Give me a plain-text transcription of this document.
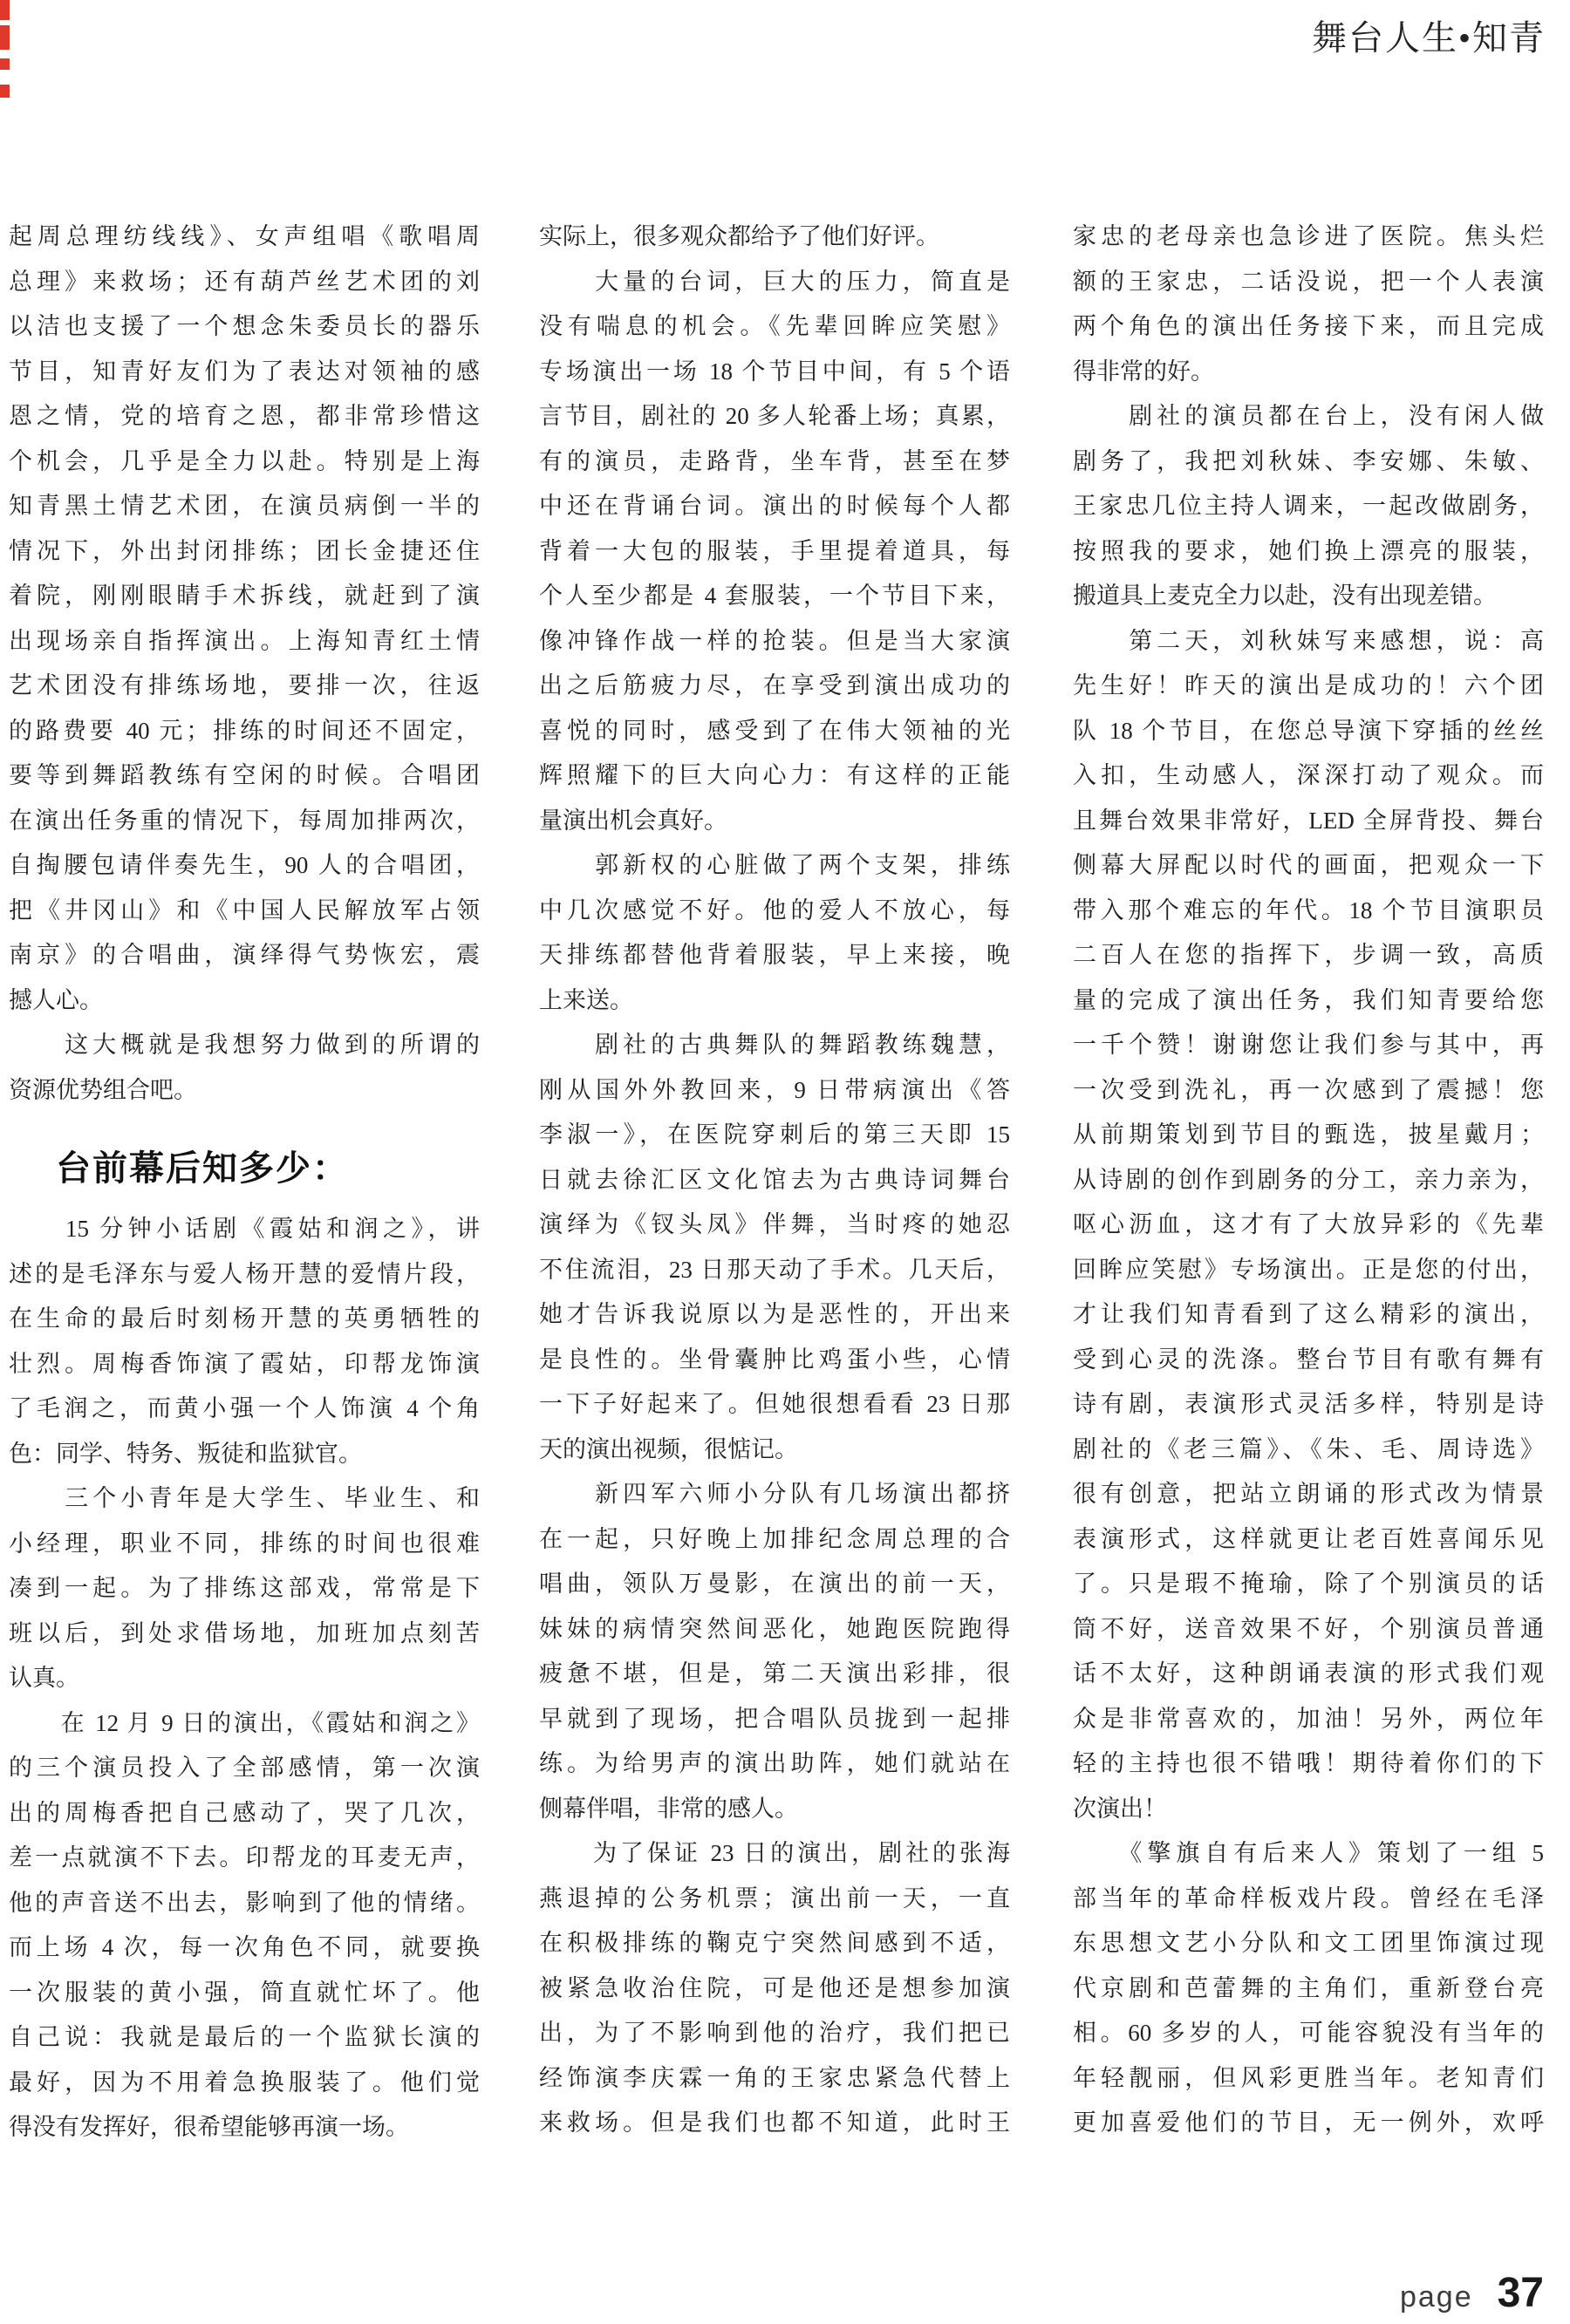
舞台人生•知青
起周总理纺线线》、女声组唱《歌唱周
总理》来救场；还有葫芦丝艺术团的刘
以洁也支援了一个想念朱委员长的器乐
节目，知青好友们为了表达对领袖的感
恩之情，党的培育之恩，都非常珍惜这
个机会，几乎是全力以赴。特别是上海
知青黑土情艺术团，在演员病倒一半的
情况下，外出封闭排练；团长金捷还住
着院，刚刚眼睛手术拆线，就赶到了演
出现场亲自指挥演出。上海知青红土情
艺术团没有排练场地，要排一次，往返
的路费要 40 元；排练的时间还不固定，
要等到舞蹈教练有空闲的时候。合唱团
在演出任务重的情况下，每周加排两次，
自掏腰包请伴奏先生，90 人的合唱团，
把《井冈山》和《中国人民解放军占领
南京》的合唱曲，演绎得气势恢宏，震
撼人心。
　　这大概就是我想努力做到的所谓的
资源优势组合吧。
台前幕后知多少：
　　15 分钟小话剧《霞姑和润之》，讲
述的是毛泽东与爱人杨开慧的爱情片段，
在生命的最后时刻杨开慧的英勇牺牲的
壮烈。周梅香饰演了霞姑，印帮龙饰演
了毛润之，而黄小强一个人饰演 4 个角
色：同学、特务、叛徒和监狱官。
　　三个小青年是大学生、毕业生、和
小经理，职业不同，排练的时间也很难
凑到一起。为了排练这部戏，常常是下
班以后，到处求借场地，加班加点刻苦
认真。
　　在 12 月 9 日的演出，《霞姑和润之》
的三个演员投入了全部感情，第一次演
出的周梅香把自己感动了，哭了几次，
差一点就演不下去。印帮龙的耳麦无声，
他的声音送不出去，影响到了他的情绪。
而上场 4 次，每一次角色不同，就要换
一次服装的黄小强，简直就忙坏了。他
自己说：我就是最后的一个监狱长演的
最好，因为不用着急换服装了。他们觉
得没有发挥好，很希望能够再演一场。
实际上，很多观众都给予了他们好评。
　　大量的台词，巨大的压力，简直是
没有喘息的机会。《先辈回眸应笑慰》
专场演出一场 18 个节目中间，有 5 个语
言节目，剧社的 20 多人轮番上场；真累，
有的演员，走路背，坐车背，甚至在梦
中还在背诵台词。演出的时候每个人都
背着一大包的服装，手里提着道具，每
个人至少都是 4 套服装，一个节目下来，
像冲锋作战一样的抢装。但是当大家演
出之后筋疲力尽，在享受到演出成功的
喜悦的同时，感受到了在伟大领袖的光
辉照耀下的巨大向心力：有这样的正能
量演出机会真好。
　　郭新权的心脏做了两个支架，排练
中几次感觉不好。他的爱人不放心，每
天排练都替他背着服装，早上来接，晚
上来送。
　　剧社的古典舞队的舞蹈教练魏慧，
刚从国外外教回来，9 日带病演出《答
李淑一》，在医院穿刺后的第三天即 15
日就去徐汇区文化馆去为古典诗词舞台
演绎为《钗头凤》伴舞，当时疼的她忍
不住流泪，23 日那天动了手术。几天后，
她才告诉我说原以为是恶性的，开出来
是良性的。坐骨囊肿比鸡蛋小些，心情
一下子好起来了。但她很想看看 23 日那
天的演出视频，很惦记。
　　新四军六师小分队有几场演出都挤
在一起，只好晚上加排纪念周总理的合
唱曲，领队万曼影，在演出的前一天，
妹妹的病情突然间恶化，她跑医院跑得
疲惫不堪，但是，第二天演出彩排，很
早就到了现场，把合唱队员拢到一起排
练。为给男声的演出助阵，她们就站在
侧幕伴唱，非常的感人。
　　为了保证 23 日的演出，剧社的张海
燕退掉的公务机票；演出前一天，一直
在积极排练的鞠克宁突然间感到不适，
被紧急收治住院，可是他还是想参加演
出，为了不影响到他的治疗，我们把已
经饰演李庆霖一角的王家忠紧急代替上
来救场。但是我们也都不知道，此时王
家忠的老母亲也急诊进了医院。焦头烂
额的王家忠，二话没说，把一个人表演
两个角色的演出任务接下来，而且完成
得非常的好。
　　剧社的演员都在台上，没有闲人做
剧务了，我把刘秋妹、李安娜、朱敏、
王家忠几位主持人调来，一起改做剧务，
按照我的要求，她们换上漂亮的服装，
搬道具上麦克全力以赴，没有出现差错。
　　第二天，刘秋妹写来感想，说：高
先生好！昨天的演出是成功的！六个团
队 18 个节目，在您总导演下穿插的丝丝
入扣，生动感人，深深打动了观众。而
且舞台效果非常好，LED 全屏背投、舞台
侧幕大屏配以时代的画面，把观众一下
带入那个难忘的年代。18 个节目演职员
二百人在您的指挥下，步调一致，高质
量的完成了演出任务，我们知青要给您
一千个赞！谢谢您让我们参与其中，再
一次受到洗礼，再一次感到了震撼！您
从前期策划到节目的甄选，披星戴月；
从诗剧的创作到剧务的分工，亲力亲为，
呕心沥血，这才有了大放异彩的《先辈
回眸应笑慰》专场演出。正是您的付出，
才让我们知青看到了这么精彩的演出，
受到心灵的洗涤。整台节目有歌有舞有
诗有剧，表演形式灵活多样，特别是诗
剧社的《老三篇》、《朱、毛、周诗选》
很有创意，把站立朗诵的形式改为情景
表演形式，这样就更让老百姓喜闻乐见
了。只是瑕不掩瑜，除了个别演员的话
筒不好，送音效果不好，个别演员普通
话不太好，这种朗诵表演的形式我们观
众是非常喜欢的，加油！另外，两位年
轻的主持也很不错哦！期待着你们的下
次演出！
　　《擎旗自有后来人》策划了一组 5
部当年的革命样板戏片段。曾经在毛泽
东思想文艺小分队和文工团里饰演过现
代京剧和芭蕾舞的主角们，重新登台亮
相。60 多岁的人，可能容貌没有当年的
年轻靓丽，但风彩更胜当年。老知青们
更加喜爱他们的节目，无一例外，欢呼
page 37
